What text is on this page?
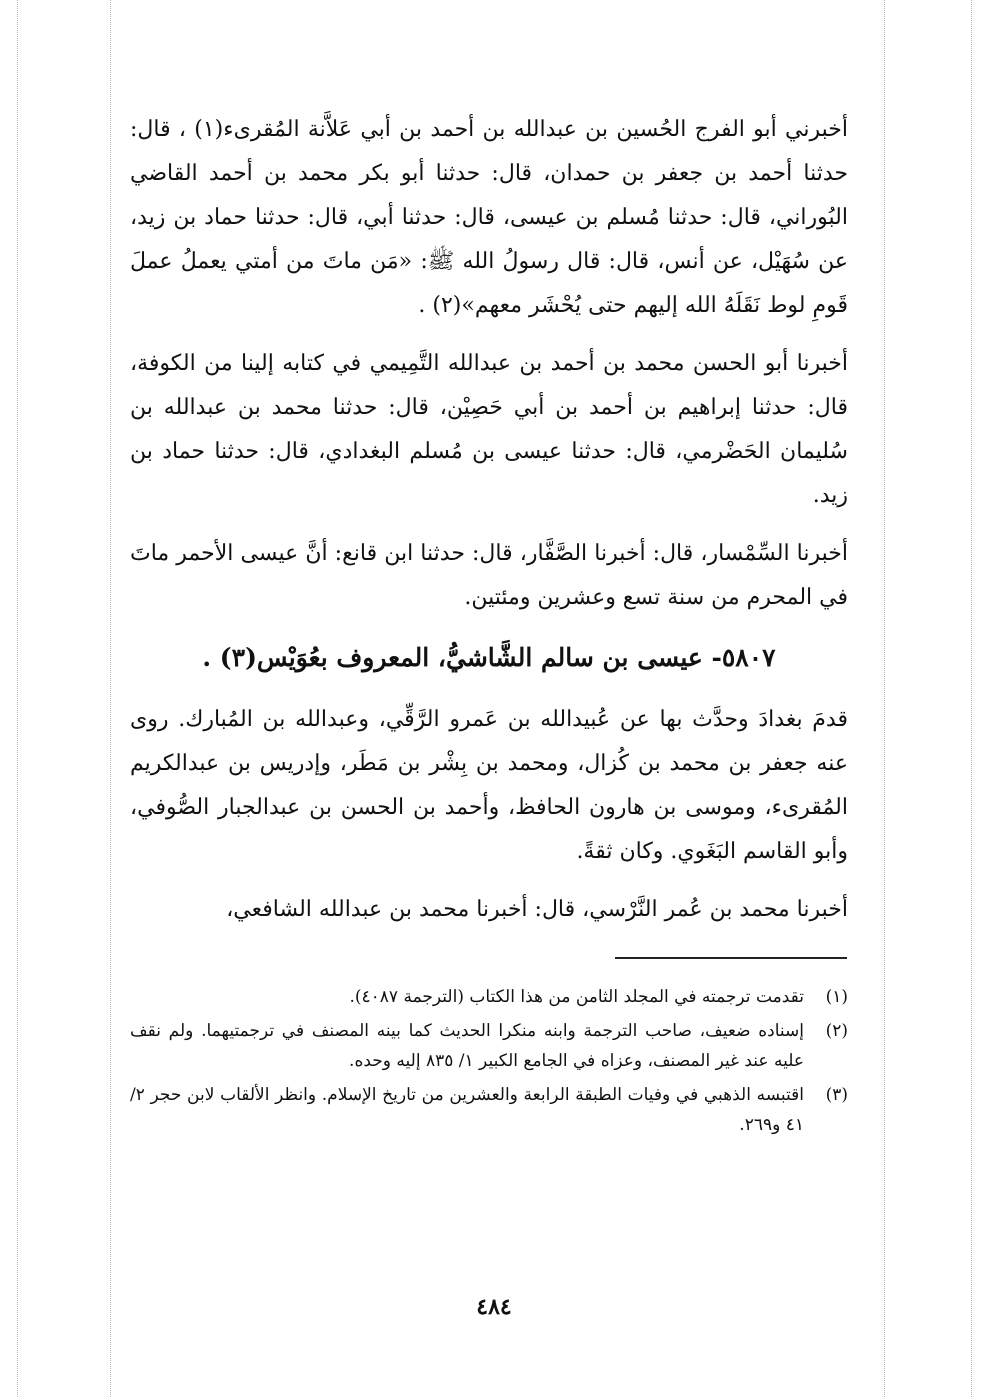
أخبرني أبو الفرج الحُسين بن عبدالله بن أحمد بن أبي عَلاَّنة المُقرىء(١) ، قال: حدثنا أحمد بن جعفر بن حمدان، قال: حدثنا أبو بكر محمد بن أحمد القاضي البُوراني، قال: حدثنا مُسلم بن عيسى، قال: حدثنا أبي، قال: حدثنا حماد بن زيد، عن سُهَيْل، عن أنس، قال: قال رسولُ الله ﷺ: «مَن ماتَ من أمتي يعملُ عملَ قَومِ لوط نَقَلَهُ الله إليهم حتى يُحْشَر معهم»(٢) .

أخبرنا أبو الحسن محمد بن أحمد بن عبدالله التَّمِيمي في كتابه إلينا من الكوفة، قال: حدثنا إبراهيم بن أحمد بن أبي حَصِيْن، قال: حدثنا محمد بن عبدالله بن سُليمان الحَضْرمي، قال: حدثنا عيسى بن مُسلم البغدادي، قال: حدثنا حماد بن زيد.

أخبرنا السِّمْسار، قال: أخبرنا الصَّفَّار، قال: حدثنا ابن قانع: أنَّ عيسى الأحمر ماتَ في المحرم من سنة تسع وعشرين ومئتين.

٥٨٠٧- عيسى بن سالم الشَّاشيُّ، المعروف بعُوَيْس(٣) .

قدمَ بغدادَ وحدَّث بها عن عُبيدالله بن عَمرو الرَّقِّي، وعبدالله بن المُبارك. روى عنه جعفر بن محمد بن كُزال، ومحمد بن بِشْر بن مَطَر، وإدريس بن عبدالكريم المُقرىء، وموسى بن هارون الحافظ، وأحمد بن الحسن بن عبدالجبار الصُّوفي، وأبو القاسم البَغَوي. وكان ثقةً.

أخبرنا محمد بن عُمر النَّرْسي، قال: أخبرنا محمد بن عبدالله الشافعي،

(١)
تقدمت ترجمته في المجلد الثامن من هذا الكتاب (الترجمة ٤٠٨٧).
(٢)
إسناده ضعيف، صاحب الترجمة وابنه منكرا الحديث كما بينه المصنف في ترجمتيهما. ولم نقف عليه عند غير المصنف، وعزاه في الجامع الكبير ١/ ٨٣٥ إليه وحده.
(٣)
اقتبسه الذهبي في وفيات الطبقة الرابعة والعشرين من تاريخ الإسلام. وانظر الألقاب لابن حجر ٢/ ٤١ و٢٦٩.
٤٨٤
